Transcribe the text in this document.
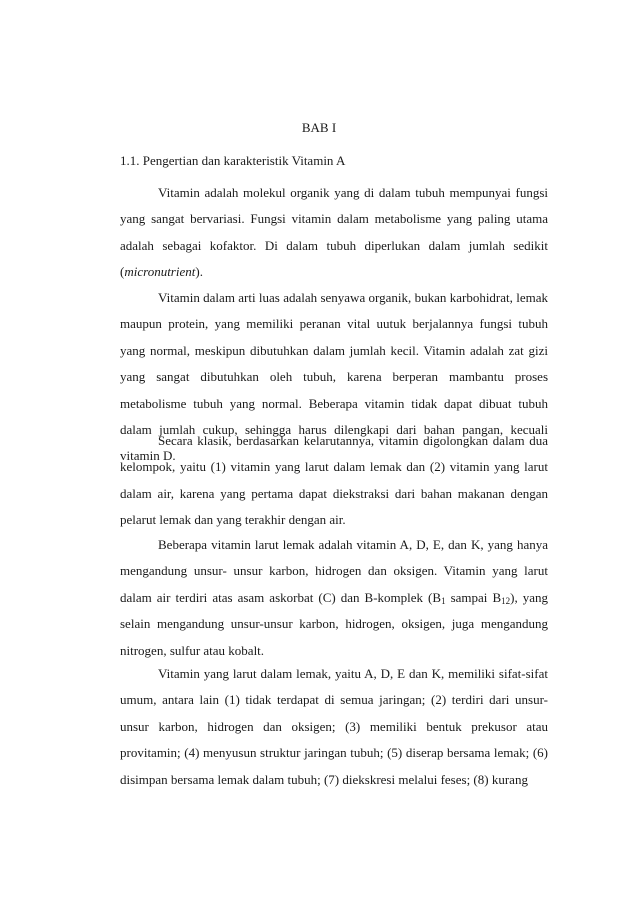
BAB I
1.1. Pengertian dan karakteristik Vitamin A

Vitamin adalah molekul organik yang di dalam tubuh mempunyai fungsi yang sangat bervariasi. Fungsi vitamin dalam metabolisme yang paling utama adalah sebagai kofaktor. Di dalam tubuh diperlukan dalam jumlah sedikit (micronutrient).

Vitamin dalam arti luas adalah senyawa organik, bukan karbohidrat, lemak maupun protein, yang memiliki peranan vital uutuk berjalannya fungsi tubuh yang normal, meskipun dibutuhkan dalam jumlah kecil. Vitamin adalah zat gizi yang sangat dibutuhkan oleh tubuh, karena berperan mambantu proses metabolisme tubuh yang normal. Beberapa vitamin tidak dapat dibuat tubuh dalam jumlah cukup, sehingga harus dilengkapi dari bahan pangan, kecuali vitamin D.

Secara klasik, berdasarkan kelarutannya, vitamin digolongkan dalam dua kelompok, yaitu (1) vitamin yang larut dalam lemak dan (2) vitamin yang larut dalam air, karena yang pertama dapat diekstraksi dari bahan makanan dengan pelarut lemak dan yang terakhir dengan air.

Beberapa vitamin larut lemak adalah vitamin A, D, E, dan K, yang hanya mengandung unsur- unsur karbon, hidrogen dan oksigen. Vitamin yang larut dalam air terdiri atas asam askorbat (C) dan B-komplek ($B_1$ sampai $B_{12}$), yang selain mengandung unsur-unsur karbon, hidrogen, oksigen, juga mengandung nitrogen, sulfur atau kobalt.

Vitamin yang larut dalam lemak, yaitu A, D, E dan K, memiliki sifat-sifat umum, antara lain (1) tidak terdapat di semua jaringan; (2) terdiri dari unsur-unsur karbon, hidrogen dan oksigen; (3) memiliki bentuk prekusor atau provitamin; (4) menyusun struktur jaringan tubuh; (5) diserap bersama lemak; (6) disimpan bersama lemak dalam tubuh; (7) diekskresi melalui feses; (8) kurang
